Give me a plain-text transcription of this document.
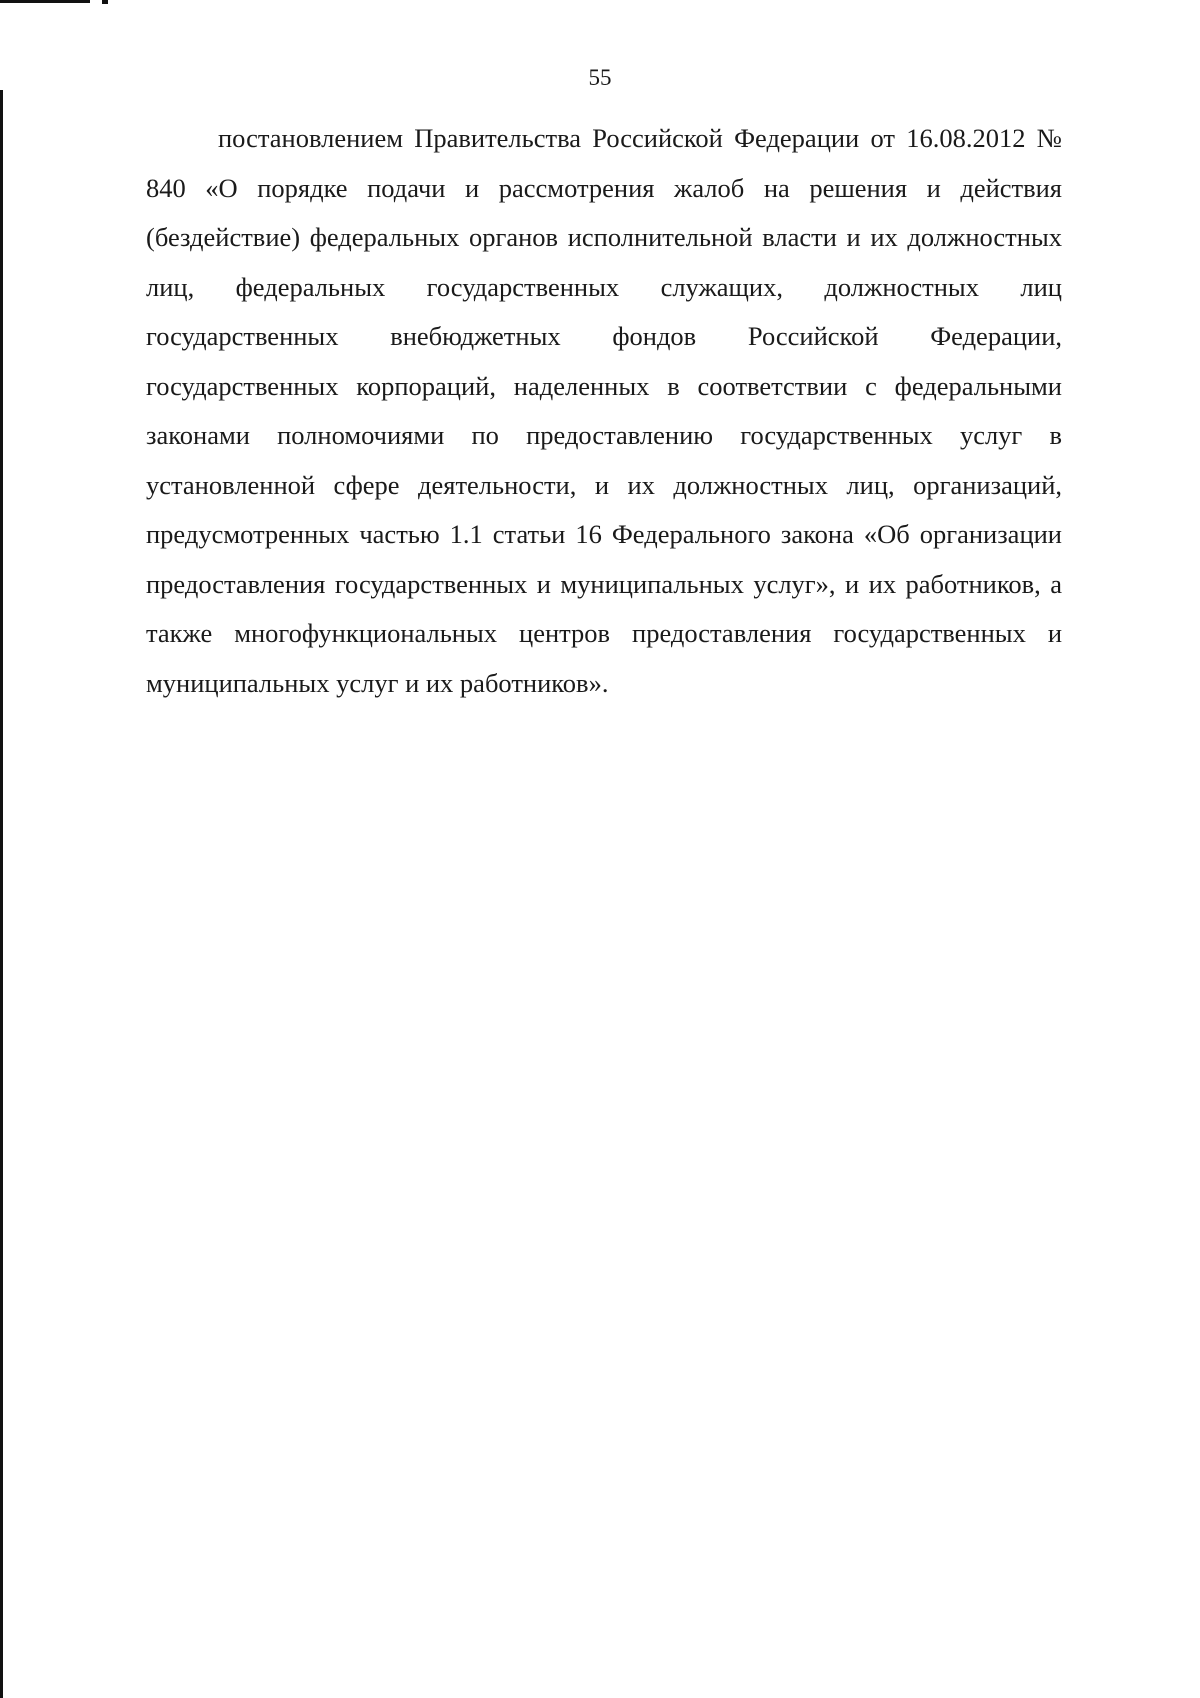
55

постановлением Правительства Российской Федерации от 16.08.2012 № 840 «О порядке подачи и рассмотрения жалоб на решения и действия (бездействие) федеральных органов исполнительной власти и их должностных лиц, федеральных государственных служащих, должностных лиц государственных внебюджетных фондов Российской Федерации, государственных корпораций, наделенных в соответствии с федеральными законами полномочиями по предоставлению государственных услуг в установленной сфере деятельности, и их должностных лиц, организаций, предусмотренных частью 1.1 статьи 16 Федерального закона «Об организации предоставления государственных и муниципальных услуг», и их работников, а также многофункциональных центров предоставления государственных и муниципальных услуг и их работников».
